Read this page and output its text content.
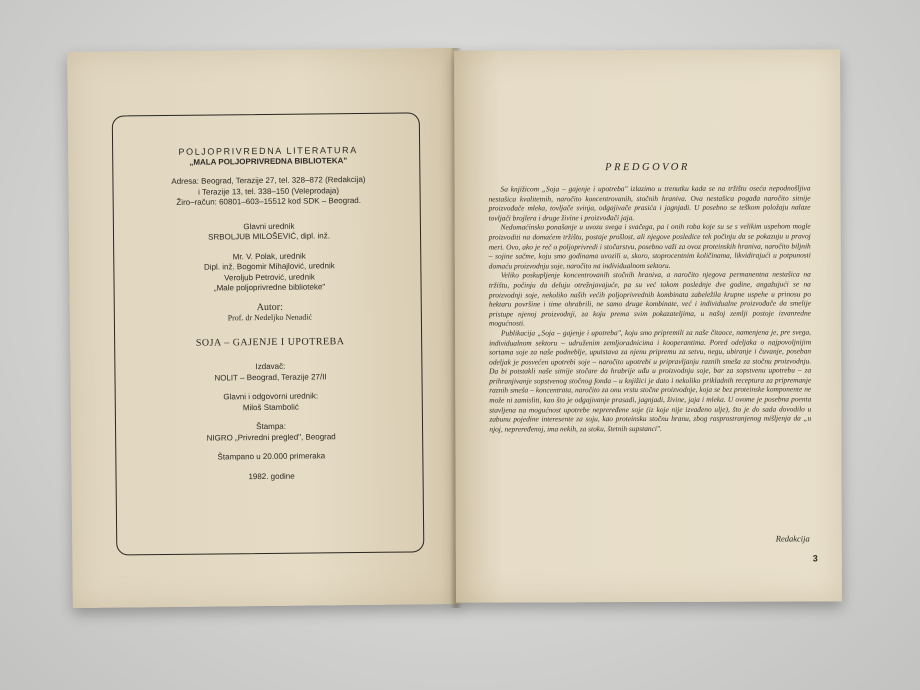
POLJOPRIVREDNA LITERATURA
„MALA POLJOPRIVREDNA BIBLIOTEKA"
Adresa: Beograd, Terazije 27, tel. 328–872 (Redakcija)
i Terazije 13, tel. 338–150 (Veleprodaja)
Žiro–račun: 60801–603–15512 kod SDK – Beograd.
Glavni urednik
SRBOLJUB MILOŠEVIĆ, dipl. inž.
Mr. V. Polak, urednik
Dipl. inž. Bogomir Mihajlović, urednik
Veroljub Petrović, urednik
„Male poljoprivredne biblioteke"
Autor:
Prof. dr Nedeljko Nenadić
SOJA – GAJENJE I UPOTREBA
Izdavač:
NOLIT – Beograd, Terazije 27/II
Glavni i odgovorni urednik:
Miloš Stambolić
Štampa:
NIGRO „Privredni pregled", Beograd
Štampano u 20.000 primeraka
1982. godine
PREDGOVOR

Sa knjižicom „Soja – gajenje i upotreba" izlazimo u trenutku kada se na tržištu oseća nepodnošljiva nestašica kvalitetnih, naročito koncentrovanih, stočnih hraniva. Ova nestašica pogađa naročito sitnije proizvođače mleka, tovljače svinja, odgajivače prasića i jagnjadi. U posebno se teškom položaju nalaze tovljači brojlera i druge živine i proizvođači jaja.

Nedomaćinsko ponašanje u uvozu svega i svačega, pa i onih roba koje su se s velikim uspehom mogle proizvoditi na domaćem tržištu, postaje prošlost, ali njegove posledice tek počinju da se pokazuju u pravoj meri. Ovo, ako je reč o poljoprivredi i stočarstvu, posebno važi za ovoz proteinskih hraniva, naročito biljnih – sojine sačme, koju smo godinama uvozili u, skoro, stoprocentnim količinama, likvidirajući u potpunosti domaću proizvodnju soje, naročito na individualnom sektoru.

Veliko poskupljenje koncentrovanih stočnih hraniva, a naročito njegova permanentna nestašica na tržištu, počinju da deluju otrežnjavajuće, pa su već tokom poslednje dve godine, angažujući se na proizvodnji soje, nekoliko naših većih poljoprivrednih kombinata zabeležila krupne uspehe u prinosu po hektaru površine i time ohrabrili, ne samo druge kombinate, već i individualne proizvođače da smelije pristupe njenoj proizvodnji, za koju prema svim pokazateljima, u našoj zemlji postoje izvanredne mogućnosti.

Publikacija „Soja – gajenje i upotreba", koju smo pripremili za naše čitaoce, namenjena je, pre svega, individualnom sektoru – udruženim zemljoradnicima i kooperantima. Pored odeljaka o najpovoljnijim sortama soje za naše podneblje, uputstava za njenu pripremu za setvu, negu, ubiranje i čuvanje, poseban odeljak je posvećen upotrebi soje – naročito upotrebi u pripravljanju raznih smeša za stočnu proizvodnju. Da bi potstakli naše sitnije stočare da hrabrije uđu u proizvodnju soje, bar za sopstvenu upotrebu – za prihranjivanje sopstvenog stočnog fonda – u knjižici je dato i nekoliko prikladnih receptura za pripremanje raznih smeša – koncentrata, naročito za onu vrstu stočne proizvodnje, koja se bez proteinske komponente ne može ni zamisliti, kao što je odgajivanje prasadi, jagnjadi, živine, jaja i mleka. U ovome je posebna poenta stavljena na mogućnost upotrebe nepreređene soje (iz koje nije izvađeno ulje), što je do sada dovodilo u zabunu pojedine interesente za soju, kao proteinsku stočnu hranu, zbog rasprostranjenog mišljenja da „u njoj, nepreređenoj, ima nekih, za stoku, štetnih supstanci".

Redakcija
3
